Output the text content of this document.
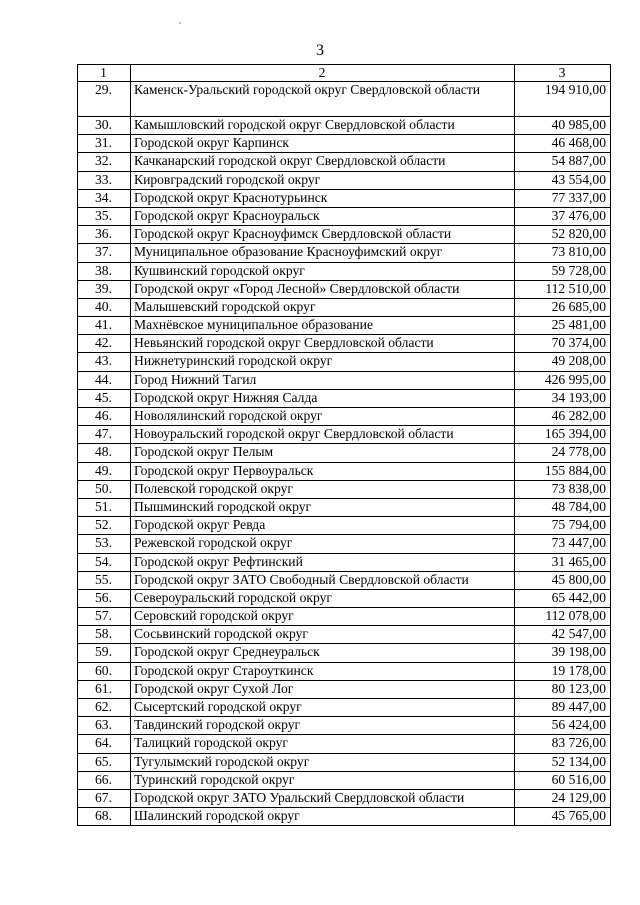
3
1	2	3
29.	Каменск-Уральский городской округ Свердловской области	194 910,00
30.	Камышловский городской округ Свердловской области	40 985,00
31.	Городской округ Карпинск	46 468,00
32.	Качканарский городской округ Свердловской области	54 887,00
33.	Кировградский городской округ	43 554,00
34.	Городской округ Краснотурьинск	77 337,00
35.	Городской округ Красноуральск	37 476,00
36.	Городской округ Красноуфимск Свердловской области	52 820,00
37.	Муниципальное образование Красноуфимский округ	73 810,00
38.	Кушвинский городской округ	59 728,00
39.	Городской округ «Город Лесной» Свердловской области	112 510,00
40.	Малышевский городской округ	26 685,00
41.	Махнёвское муниципальное образование	25 481,00
42.	Невьянский городской округ Свердловской области	70 374,00
43.	Нижнетуринский городской округ	49 208,00
44.	Город Нижний Тагил	426 995,00
45.	Городской округ Нижняя Салда	34 193,00
46.	Новолялинский городской округ	46 282,00
47.	Новоуральский городской округ Свердловской области	165 394,00
48.	Городской округ Пелым	24 778,00
49.	Городской округ Первоуральск	155 884,00
50.	Полевской городской округ	73 838,00
51.	Пышминский городской округ	48 784,00
52.	Городской округ Ревда	75 794,00
53.	Режевской городской округ	73 447,00
54.	Городской округ Рефтинский	31 465,00
55.	Городской округ ЗАТО Свободный Свердловской области	45 800,00
56.	Североуральский городской округ	65 442,00
57.	Серовский городской округ	112 078,00
58.	Сосьвинский городской округ	42 547,00
59.	Городской округ Среднеуральск	39 198,00
60.	Городской округ Староуткинск	19 178,00
61.	Городской округ Сухой Лог	80 123,00
62.	Сысертский городской округ	89 447,00
63.	Тавдинский городской округ	56 424,00
64.	Талицкий городской округ	83 726,00
65.	Тугулымский городской округ	52 134,00
66.	Туринский городской округ	60 516,00
67.	Городской округ ЗАТО Уральский Свердловской области	24 129,00
68.	Шалинский городской округ	45 765,00
